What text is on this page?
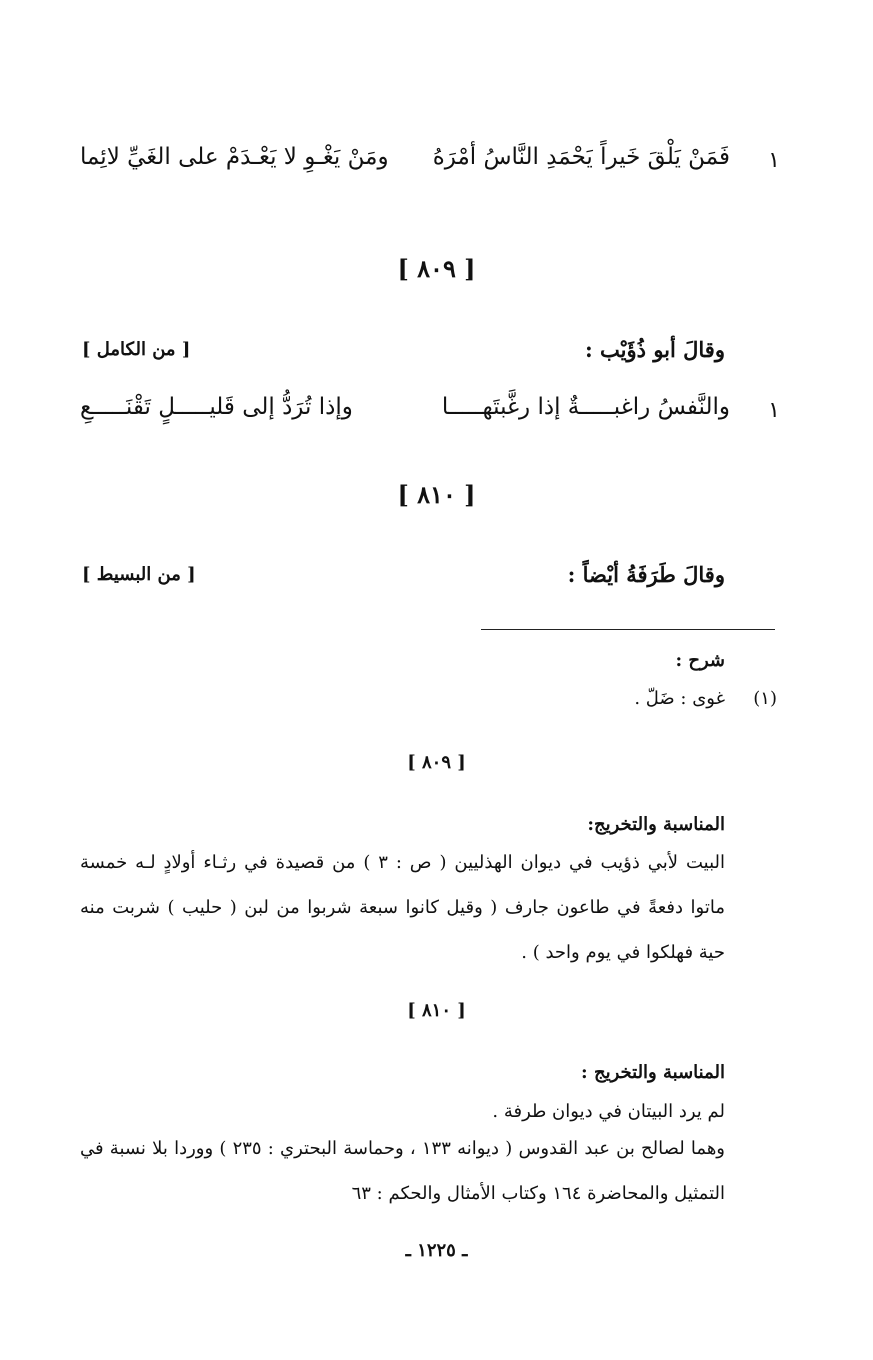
١
فَمَنْ يَلْقَ خَيراً يَحْمَدِ النَّاسُ أمْرَهُ
ومَنْ يَغْـوِ لا يَعْـدَمْ على الغَيِّ لائِما
[ ٨٠٩ ]
وقالَ أبو ذُؤَيْب :
[ من الكامل ]
١
والنَّفسُ راغبـــــةٌ إذا رغَّبتَهـــــا
وإذا تُرَدُّ إلى قَليـــــلٍ تَقْنَـــــعِ
[ ٨١٠ ]
وقالَ طَرَفَةُ أيْضاً :
[ من البسيط ]
شرح :
(١)
غوى : ضَلّ .
[ ٨٠٩ ]
المناسبة والتخريج:
البيت لأبي ذؤيب في ديوان الهذليين ( ص : ٣ ) من قصيدة في رثـاء أولادٍ لـه خمسة ماتوا دفعةً في طاعون جارف ( وقيل كانوا سبعة شربوا من لبن ( حليب ) شربت منه حية فهلكوا في يوم واحد ) .
[ ٨١٠ ]
المناسبة والتخريج :
لم يرد البيتان في ديوان طرفة .
وهما لصالح بن عبد القدوس ( ديوانه ١٣٣ ، وحماسة البحتري : ٢٣٥ ) ووردا بلا نسبة في التمثيل والمحاضرة ١٦٤ وكتاب الأمثال والحكم : ٦٣
ـ ١٢٢٥ ـ
